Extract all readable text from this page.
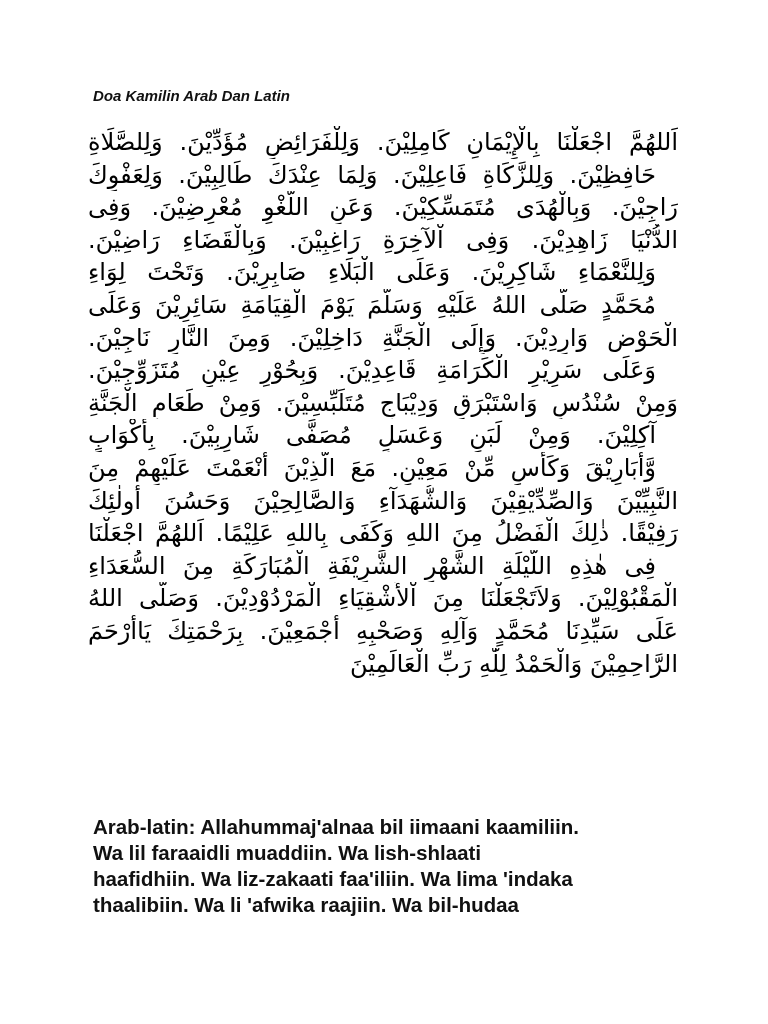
Doa Kamilin Arab Dan Latin
اَللهُمَّ اجْعَلْنَا بِالْإِيْمَانِ كَامِلِيْنَ. وَلِلْفَرَائِضِ مُؤَدِّيْنَ. وَلِلصَّلَاةِ
حَافِظِيْنَ. وَلِلزَّكَاةِ فَاعِلِيْنَ. وَلِمَا عِنْدَكَ طَالِبِيْنَ. وَلِعَفْوِكَ
رَاجِيْنَ. وَبِالْهُدَى مُتَمَسِّكِيْنَ. وَعَنِ اللَّغْوِ مُعْرِضِيْنَ. وَفِى
الدُّنْيَا زَاهِدِيْنَ. وَفِى اْلآخِرَةِ رَاغِبِيْنَ. وَبِالْقَضَاءِ رَاضِيْنَ.
وَلِلنَّعْمَاءِ شَاكِرِيْنَ. وَعَلَى الْبَلَاءِ صَابِرِيْنَ. وَتَحْتَ لِوَاءِ
مُحَمَّدٍ صَلَّى اللهُ عَلَيْهِ وَسَلَّمَ يَوْمَ الْقِيَامَةِ سَائِرِيْنَ وَعَلَى
الْحَوْضِ وَارِدِيْنَ. وَإِلَى الْجَنَّةِ دَاخِلِيْنَ. وَمِنَ النَّارِ نَاجِيْنَ.
وَعَلَى سَرِيْرِ الْكَرَامَةِ قَاعِدِيْنَ. وَبِحُوْرٍ عِيْنٍ مُتَزَوِّجِيْنَ.
وَمِنْ سُنْدُسٍ وَاسْتَبْرَقٍ وَدِيْبَاجٍ مُتَلَبِّسِيْنَ. وَمِنْ طَعَامِ الْجَنَّةِ
آكِلِيْنَ. وَمِنْ لَبَنٍ وَعَسَلٍ مُصَفًّى شَارِبِيْنَ. بِأَكْوَابٍ
وَّأَبَارِيْقَ وَكَأْسٍ مِّنْ مَعِيْنٍ. مَعَ الَّذِيْنَ أَنْعَمْتَ عَلَيْهِمْ مِنَ
النَّبِيِّيْنَ وَالصِّدِّيْقِيْنَ وَالشُّهَدَآءِ وَالصَّالِحِيْنَ وَحَسُنَ أُولٰئِكَ
رَفِيْقًا. ذٰلِكَ الْفَضْلُ مِنَ اللهِ وَكَفَى بِاللهِ عَلِيْمًا. اَللهُمَّ اجْعَلْنَا
فِى هٰذِهِ اللَّيْلَةِ الشَّهْرِ الشَّرِيْفَةِ الْمُبَارَكَةِ مِنَ السُّعَدَاءِ
الْمَقْبُوْلِيْنَ. وَلاَتَجْعَلْنَا مِنَ اْلأَشْقِيَاءِ الْمَرْدُوْدِيْنَ. وَصَلَّى اللهُ
عَلَى سَيِّدِنَا مُحَمَّدٍ وَآلِهِ وَصَحْبِهِ أَجْمَعِيْنَ. بِرَحْمَتِكَ يَاأَرْحَمَ
الرَّاحِمِيْنَ وَالْحَمْدُ لِلّٰهِ رَبِّ الْعَالَمِيْنَ
Arab-latin: Allahummaj'alnaa bil iimaani kaamiliin.
Wa lil faraaidli muaddiin. Wa lish-shlaati
haafidhiin. Wa liz-zakaati faa'iliin. Wa lima 'indaka
thaalibiin. Wa li 'afwika raajiin. Wa bil-hudaa
